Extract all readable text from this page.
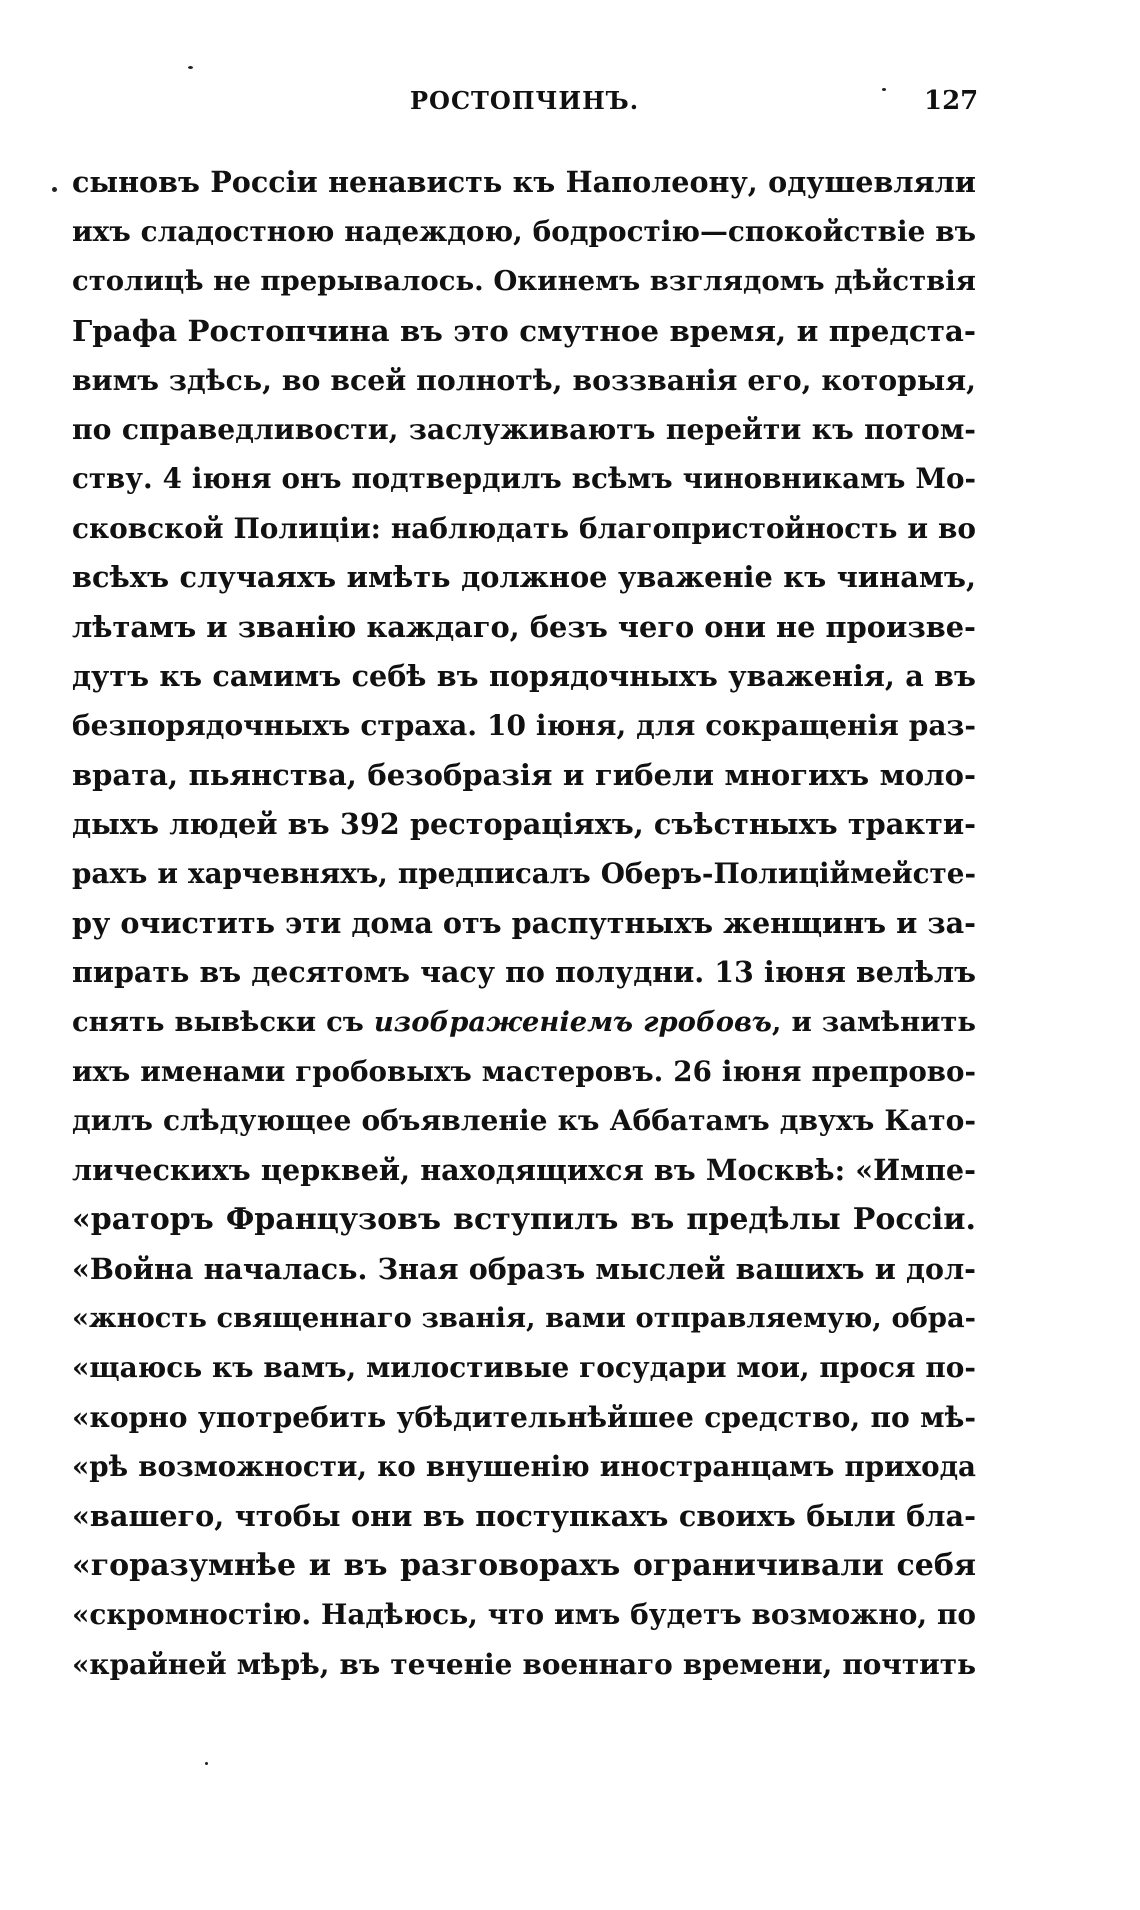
РОСТОПЧИНЪ.	127
сыновъ Россіи ненависть къ Наполеону, одушевляли
ихъ сладостною надеждою, бодростію—спокойствіе въ
столицѣ не прерывалось. Окинемъ взглядомъ дѣйствія
Графа Ростопчина въ это смутное время, и предста-
вимъ здѣсь, во всей полнотѣ, воззванія его, которыя,
по справедливости, заслуживаютъ перейти къ потом-
ству. 4 іюня онъ подтвердилъ всѣмъ чиновникамъ Мо-
сковской Полиціи: наблюдать благопристойность и во
всѣхъ случаяхъ имѣть должное уваженіе къ чинамъ,
лѣтамъ и званію каждаго, безъ чего они не произве-
дутъ къ самимъ себѣ въ порядочныхъ уваженія, а въ
безпорядочныхъ страха. 10 іюня, для сокращенія раз-
врата, пьянства, безобразія и гибели многихъ моло-
дыхъ людей въ 392 ресторацiяхъ, съѣстныхъ тракти-
рахъ и харчевняхъ, предписалъ Оберъ-Полиціймейсте-
ру очистить эти дома отъ распутныхъ женщинъ и за-
пирать въ десятомъ часу по полудни. 13 іюня велѣлъ
снять вывѣски съ изображеніемъ гробовъ, и замѣнить
ихъ именами гробовыхъ мастеровъ. 26 іюня препрово-
дилъ слѣдующее объявленіе къ Аббатамъ двухъ Като-
лическихъ церквей, находящихся въ Москвѣ: «Импе-
«раторъ Французовъ вступилъ въ предѣлы Россіи.
«Война началась. Зная образъ мыслей вашихъ и дол-
«жность священнаго званія, вами отправляемую, обра-
«щаюсь къ вамъ, милостивые государи мои, прося по-
«корно употребить убѣдительнѣйшее средство, по мѣ-
«рѣ возможности, ко внушенію иностранцамъ прихода
«вашего, чтобы они въ поступкахъ своихъ были бла-
«горазумнѣе и въ разговорахъ ограничивали себя
«скромностію. Надѣюсь, что имъ будетъ возможно, по
«крайней мѣрѣ, въ теченіе военнаго времени, почтить
